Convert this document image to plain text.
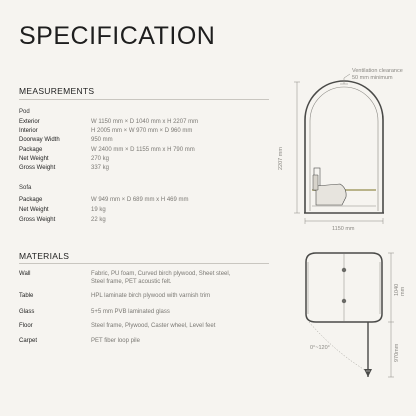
SPECIFICATION
MEASUREMENTS
Pod
Exterior	W 1150 mm × D 1040 mm x H 2207 mm
Interior	H 2005 mm × W 970 mm × D 960 mm
Doorway Width	950 mm
Package	W 2400 mm × D 1155 mm x H 790 mm
Net Weight	270 kg
Gross Weight	337 kg
Sofa
Package	W 949 mm × D 689 mm x H 469 mm
Net Weight	19 kg
Gross Weight	22 kg
MATERIALS
Wall	Fabric, PU foam, Curved birch plywood, Sheet steel, Steel frame, PET acoustic felt.
Table	HPL laminate birch plywood with varnish trim
Glass	5+5 mm PVB laminated glass
Floor	Steel frame, Plywood, Caster wheel, Level feet
Carpet	PET fiber loop pile
Ventilation clearance
50 mm minimum
2207 mm
1150 mm
1040 mm
970mm
0°~120°
